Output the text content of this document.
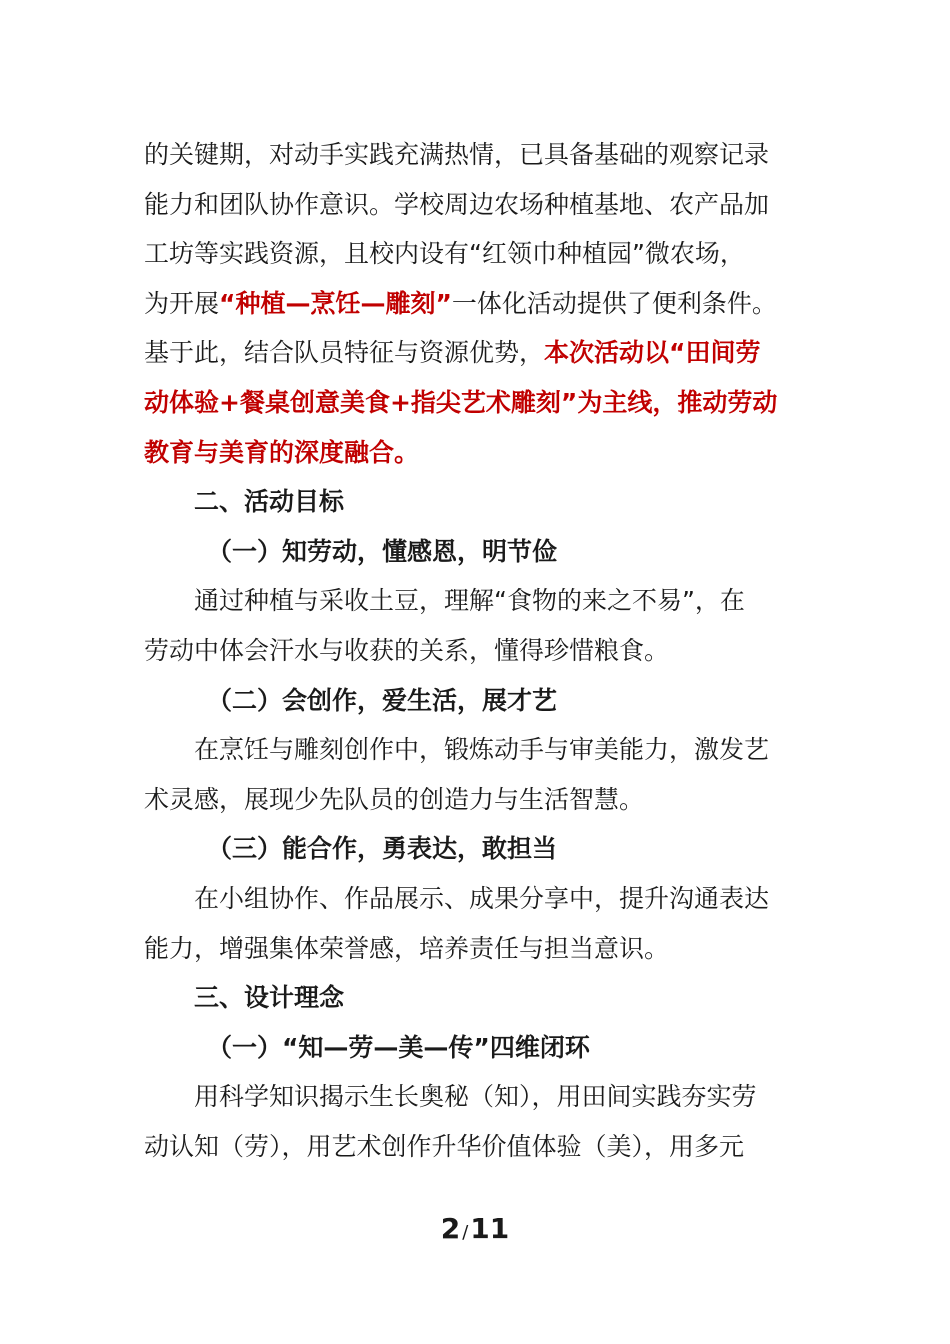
的关键期，对动手实践充满热情，已具备基础的观察记录

能力和团队协作意识。学校周边农场种植基地、农产品加

工坊等实践资源，且校内设有“红领巾种植园”微农场，

为开展“种植—烹饪—雕刻”一体化活动提供了便利条件。

基于此，结合队员特征与资源优势，本次活动以“田间劳

动体验+餐桌创意美食+指尖艺术雕刻”为主线，推动劳动

教育与美育的深度融合。

二、活动目标

（一）知劳动，懂感恩，明节俭

通过种植与采收土豆，理解“食物的来之不易”，在

劳动中体会汗水与收获的关系，懂得珍惜粮食。

（二）会创作，爱生活，展才艺

在烹饪与雕刻创作中，锻炼动手与审美能力，激发艺

术灵感，展现少先队员的创造力与生活智慧。

（三）能合作，勇表达，敢担当

在小组协作、作品展示、成果分享中，提升沟通表达

能力，增强集体荣誉感，培养责任与担当意识。

三、设计理念

（一）“知—劳—美—传”四维闭环

用科学知识揭示生长奥秘（知），用田间实践夯实劳

动认知（劳），用艺术创作升华价值体验（美），用多元

2 /11
